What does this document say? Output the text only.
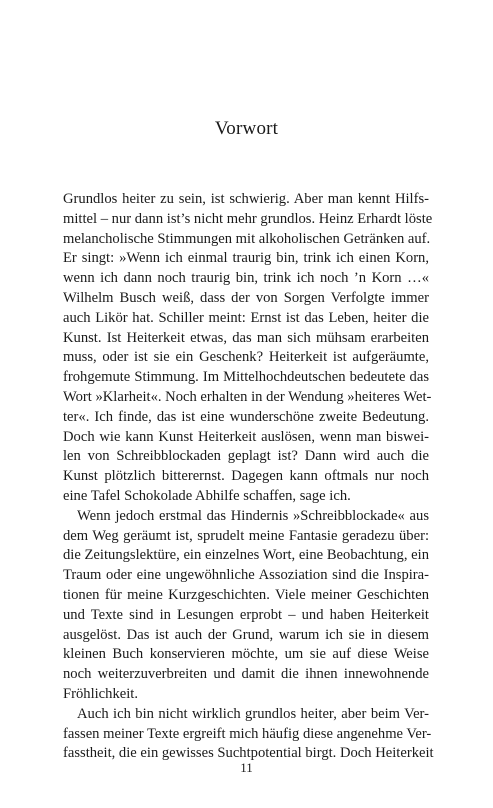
Vorwort
Grundlos heiter zu sein, ist schwierig. Aber man kennt Hilfs-
mittel – nur dann ist’s nicht mehr grundlos. Heinz Erhardt löste
melancholische Stimmungen mit alkoholischen Getränken auf.
Er singt: »Wenn ich einmal traurig bin, trink ich einen Korn,
wenn ich dann noch traurig bin, trink ich noch ’n Korn …«
Wilhelm Busch weiß, dass der von Sorgen Verfolgte immer
auch Likör hat. Schiller meint: Ernst ist das Leben, heiter die
Kunst. Ist Heiterkeit etwas, das man sich mühsam erarbeiten
muss, oder ist sie ein Geschenk? Heiterkeit ist aufgeräumte,
frohgemute Stimmung. Im Mittelhochdeutschen bedeutete das
Wort »Klarheit«. Noch erhalten in der Wendung »heiteres Wet-
ter«. Ich finde, das ist eine wunderschöne zweite Bedeutung.
Doch wie kann Kunst Heiterkeit auslösen, wenn man biswei-
len von Schreibblockaden geplagt ist? Dann wird auch die
Kunst plötzlich bitterernst. Dagegen kann oftmals nur noch
eine Tafel Schokolade Abhilfe schaffen, sage ich.
Wenn jedoch erstmal das Hindernis »Schreibblockade« aus
dem Weg geräumt ist, sprudelt meine Fantasie geradezu über:
die Zeitungslektüre, ein einzelnes Wort, eine Beobachtung, ein
Traum oder eine ungewöhnliche Assoziation sind die Inspira-
tionen für meine Kurzgeschichten. Viele meiner Geschichten
und Texte sind in Lesungen erprobt – und haben Heiterkeit
ausgelöst. Das ist auch der Grund, warum ich sie in diesem
kleinen Buch konservieren möchte, um sie auf diese Weise
noch weiterzuverbreiten und damit die ihnen innewohnende
Fröhlichkeit.
Auch ich bin nicht wirklich grundlos heiter, aber beim Ver-
fassen meiner Texte ergreift mich häufig diese angenehme Ver-
fasstheit, die ein gewisses Suchtpotential birgt. Doch Heiterkeit
11
